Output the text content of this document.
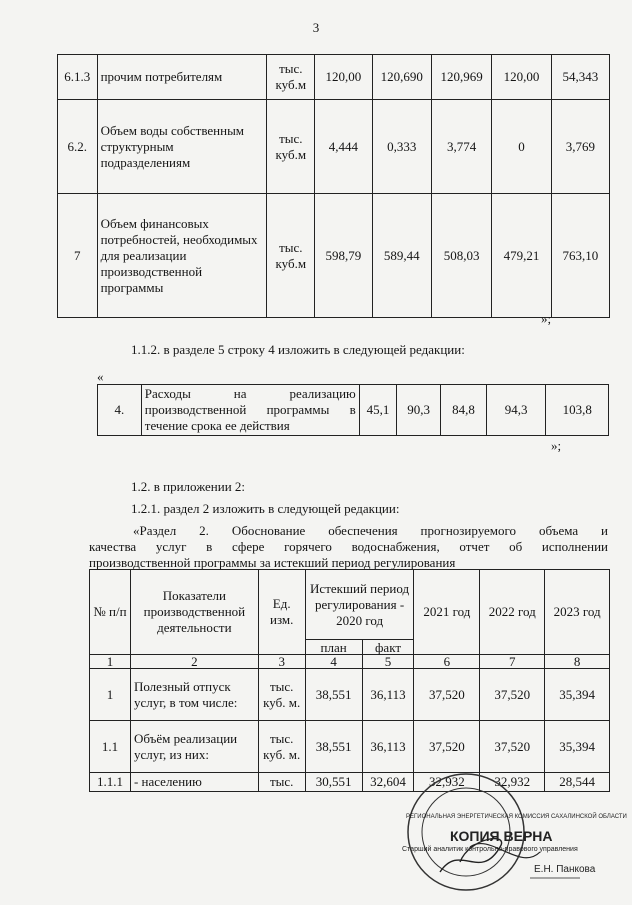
3
6.1.3	прочим потребителям	тыс. куб.м	120,00	120,690	120,969	120,00	54,343
6.2.	Объем воды собственным структурным подразделениям	тыс. куб.м	4,444	0,333	3,774	0	3,769
7	Объем финансовых потребностей, необходимых для реализации производственной программы	тыс. куб.м	598,79	589,44	508,03	479,21	763,10
»;
1.1.2. в разделе 5 строку 4 изложить в следующей редакции:
«
4.	Расходы на реализацию производственной программы в течение срока ее действия	45,1	90,3	84,8	94,3	103,8
»;
1.2. в приложении 2:
1.2.1. раздел 2 изложить в следующей редакции:
«Раздел 2. Обоснование обеспечения прогнозируемого объема и
качества услуг в сфере горячего водоснабжения, отчет об исполнении
производственной программы за истекший период регулирования
№ п/п	Показатели производственной деятельности	Ед. изм.	Истекший период регулирования - 2020 год		2021 год	2022 год	2023 год
			план	факт			
1	2	3	4	5	6	7	8
1	Полезный отпуск услуг, в том числе:	тыс. куб. м.	38,551	36,113	37,520	37,520	35,394
1.1	Объём реализации услуг, из них:	тыс. куб. м.	38,551	36,113	37,520	37,520	35,394
1.1.1	- населению	тыс.	30,551	32,604	32,932	32,932	28,544
РЕГИОНАЛЬНАЯ ЭНЕРГЕТИЧЕСКАЯ КОМИССИЯ САХАЛИНСКОЙ ОБЛАСТИ
КОПИЯ ВЕРНА
Старший аналитик контрольно-правового управления
Е.Н. Панкова
